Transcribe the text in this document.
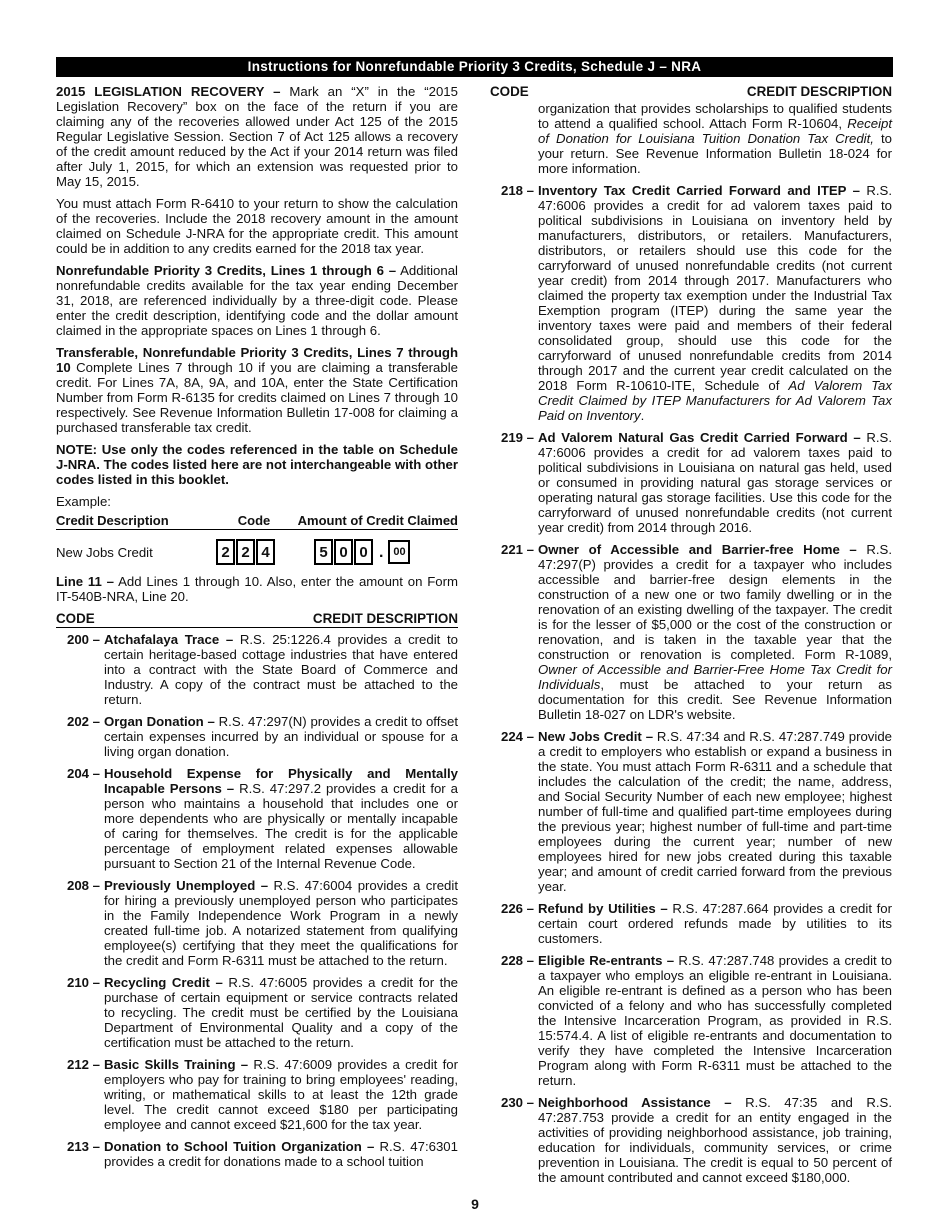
Instructions for Nonrefundable Priority 3 Credits, Schedule J – NRA

2015 LEGISLATION RECOVERY – Mark an “X” in the “2015 Legislation Recovery” box on the face of the return if you are claiming any of the recoveries allowed under Act 125 of the 2015 Regular Legislative Session. Section 7 of Act 125 allows a recovery of the credit amount reduced by the Act if your 2014 return was filed after July 1, 2015, for which an extension was requested prior to May 15, 2015.

You must attach Form R-6410 to your return to show the calculation of the recoveries. Include the 2018 recovery amount in the amount claimed on Schedule J-NRA for the appropriate credit. This amount could be in addition to any credits earned for the 2018 tax year.

Nonrefundable Priority 3 Credits, Lines 1 through 6 – Additional nonrefundable credits available for the tax year ending December 31, 2018, are referenced individually by a three-digit code. Please enter the credit description, identifying code and the dollar amount claimed in the appropriate spaces on Lines 1 through 6.

Transferable, Nonrefundable Priority 3 Credits, Lines 7 through 10 Complete Lines 7 through 10 if you are claiming a transferable credit. For Lines 7A, 8A, 9A, and 10A, enter the State Certification Number from Form R-6135 for credits claimed on Lines 7 through 10 respectively. See Revenue Information Bulletin 17-008 for claiming a purchased transferable tax credit.

NOTE: Use only the codes referenced in the table on Schedule J-NRA. The codes listed here are not interchangeable with other codes listed in this booklet.

Example:
Credit Description	Code	Amount of Credit Claimed
New Jobs Credit	2 2 4	5 0 0 . 00

Line 11 – Add Lines 1 through 10. Also, enter the amount on Form IT-540B-NRA, Line 20.

CODE	CREDIT DESCRIPTION
200 – Atchafalaya Trace – R.S. 25:1226.4 provides a credit to certain heritage-based cottage industries that have entered into a contract with the State Board of Commerce and Industry. A copy of the contract must be attached to the return.
202 – Organ Donation – R.S. 47:297(N) provides a credit to offset certain expenses incurred by an individual or spouse for a living organ donation.
204 – Household Expense for Physically and Mentally Incapable Persons – R.S. 47:297.2 provides a credit for a person who maintains a household that includes one or more dependents who are physically or mentally incapable of caring for themselves. The credit is for the applicable percentage of employment related expenses allowable pursuant to Section 21 of the Internal Revenue Code.
208 – Previously Unemployed – R.S. 47:6004 provides a credit for hiring a previously unemployed person who participates in the Family Independence Work Program in a newly created full-time job. A notarized statement from qualifying employee(s) certifying that they meet the qualifications for the credit and Form R-6311 must be attached to the return.
210 – Recycling Credit – R.S. 47:6005 provides a credit for the purchase of certain equipment or service contracts related to recycling. The credit must be certified by the Louisiana Department of Environmental Quality and a copy of the certification must be attached to the return.
212 – Basic Skills Training – R.S. 47:6009 provides a credit for employers who pay for training to bring employees' reading, writing, or mathematical skills to at least the 12th grade level. The credit cannot exceed $180 per participating employee and cannot exceed $21,600 for the tax year.
213 – Donation to School Tuition Organization – R.S. 47:6301 provides a credit for donations made to a school tuition
CODE	CREDIT DESCRIPTION
organization that provides scholarships to qualified students to attend a qualified school. Attach Form R-10604, Receipt of Donation for Louisiana Tuition Donation Tax Credit, to your return. See Revenue Information Bulletin 18-024 for more information.
218 – Inventory Tax Credit Carried Forward and ITEP – R.S. 47:6006 provides a credit for ad valorem taxes paid to political subdivisions in Louisiana on inventory held by manufacturers, distributors, or retailers. Manufacturers, distributors, or retailers should use this code for the carryforward of unused nonrefundable credits (not current year credit) from 2014 through 2017. Manufacturers who claimed the property tax exemption under the Industrial Tax Exemption program (ITEP) during the same year the inventory taxes were paid and members of their federal consolidated group, should use this code for the carryforward of unused nonrefundable credits from 2014 through 2017 and the current year credit calculated on the 2018 Form R-10610-ITE, Schedule of Ad Valorem Tax Credit Claimed by ITEP Manufacturers for Ad Valorem Tax Paid on Inventory.
219 – Ad Valorem Natural Gas Credit Carried Forward – R.S. 47:6006 provides a credit for ad valorem taxes paid to political subdivisions in Louisiana on natural gas held, used or consumed in providing natural gas storage services or operating natural gas storage facilities. Use this code for the carryforward of unused nonrefundable credits (not current year credit) from 2014 through 2016.
221 – Owner of Accessible and Barrier-free Home – R.S. 47:297(P) provides a credit for a taxpayer who includes accessible and barrier-free design elements in the construction of a new one or two family dwelling or in the renovation of an existing dwelling of the taxpayer. The credit is for the lesser of $5,000 or the cost of the construction or renovation, and is taken in the taxable year that the construction or renovation is completed. Form R-1089, Owner of Accessible and Barrier-Free Home Tax Credit for Individuals, must be attached to your return as documentation for this credit. See Revenue Information Bulletin 18-027 on LDR's website.
224 – New Jobs Credit – R.S. 47:34 and R.S. 47:287.749 provide a credit to employers who establish or expand a business in the state. You must attach Form R-6311 and a schedule that includes the calculation of the credit; the name, address, and Social Security Number of each new employee; highest number of full-time and qualified part-time employees during the previous year; highest number of full-time and part-time employees during the current year; number of new employees hired for new jobs created during this taxable year; and amount of credit carried forward from the previous year.
226 – Refund by Utilities – R.S. 47:287.664 provides a credit for certain court ordered refunds made by utilities to its customers.
228 – Eligible Re-entrants – R.S. 47:287.748 provides a credit to a taxpayer who employs an eligible re-entrant in Louisiana. An eligible re-entrant is defined as a person who has been convicted of a felony and who has successfully completed the Intensive Incarceration Program, as provided in R.S. 15:574.4. A list of eligible re-entrants and documentation to verify they have completed the Intensive Incarceration Program along with Form R-6311 must be attached to the return.
230 – Neighborhood Assistance – R.S. 47:35 and R.S. 47:287.753 provide a credit for an entity engaged in the activities of providing neighborhood assistance, job training, education for individuals, community services, or crime prevention in Louisiana. The credit is equal to 50 percent of the amount contributed and cannot exceed $180,000.
9
